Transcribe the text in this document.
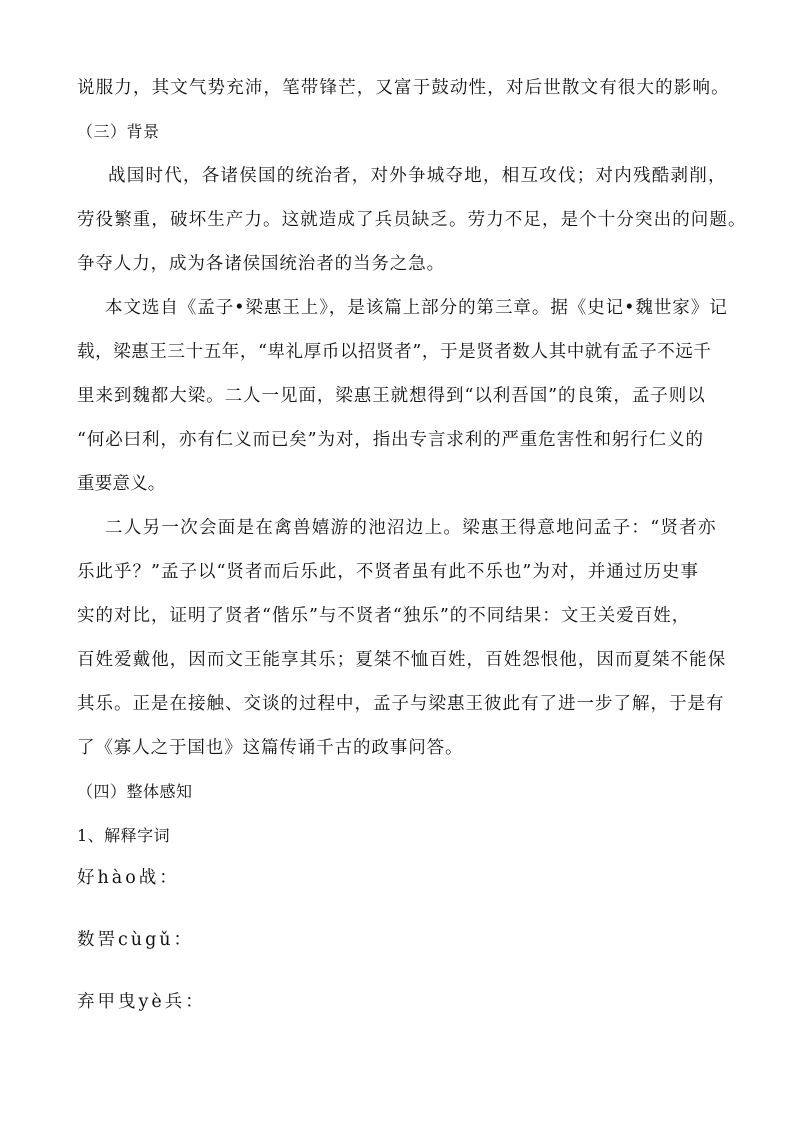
说服力，其文气势充沛，笔带锋芒，又富于鼓动性，对后世散文有很大的影响。
（三）背景
战国时代，各诸侯国的统治者，对外争城夺地，相互攻伐；对内残酷剥削，
劳役繁重，破坏生产力。这就造成了兵员缺乏。劳力不足，是个十分突出的问题。
争夺人力，成为各诸侯国统治者的当务之急。
本文选自《孟子•梁惠王上》，是该篇上部分的第三章。据《史记•魏世家》记
载，梁惠王三十五年，“卑礼厚币以招贤者”，于是贤者数人其中就有孟子不远千
里来到魏都大梁。二人一见面，梁惠王就想得到“以利吾国”的良策，孟子则以
“何必曰利，亦有仁义而已矣”为对，指出专言求利的严重危害性和躬行仁义的
重要意义。
二人另一次会面是在禽兽嬉游的池沼边上。梁惠王得意地问孟子：“贤者亦
乐此乎？”孟子以“贤者而后乐此，不贤者虽有此不乐也”为对，并通过历史事
实的对比，证明了贤者“偕乐”与不贤者“独乐”的不同结果：文王关爱百姓，
百姓爱戴他，因而文王能享其乐；夏桀不恤百姓，百姓怨恨他，因而夏桀不能保
其乐。正是在接触、交谈的过程中，孟子与梁惠王彼此有了进一步了解，于是有
了《寡人之于国也》这篇传诵千古的政事问答。
（四）整体感知
1、解释字词
好hào战：
数罟cùgǔ：
弃甲曳yè兵：
